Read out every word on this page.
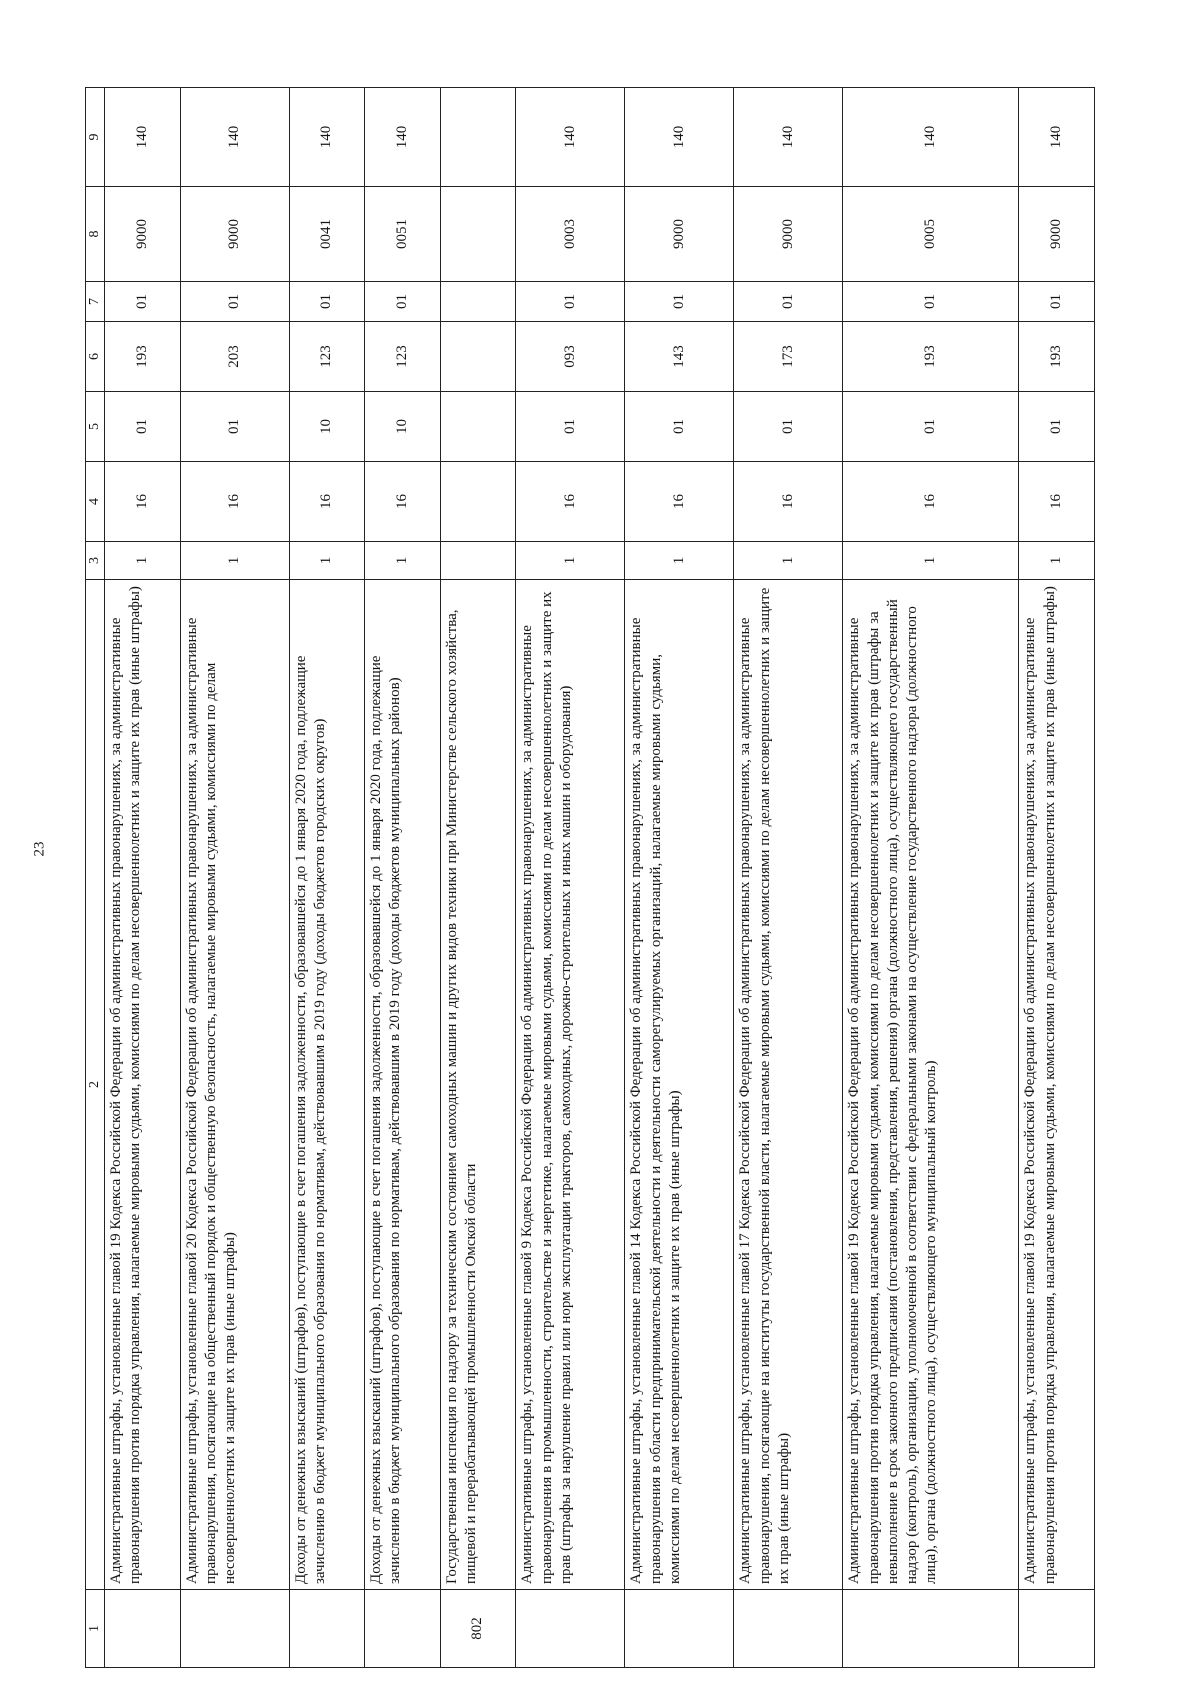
23
1	2	3	4	5	6	7	8	9
	Административные штрафы, установленные главой 19 Кодекса Российской Федерации об административных правонарушениях, за административные правонарушения против порядка управления, налагаемые мировыми судьями, комиссиями по делам несовершеннолетних и защите их прав (иные штрафы)	1	16	01	193	01	9000	140
	Административные штрафы, установленные главой 20 Кодекса Российской Федерации об административных правонарушениях, за административные правонарушения, посягающие на общественный порядок и общественную безопасность, налагаемые мировыми судьями, комиссиями по делам несовершеннолетних и защите их прав (иные штрафы)	1	16	01	203	01	9000	140
	Доходы от денежных взысканий (штрафов), поступающие в счет погашения задолженности, образовавшейся до 1 января 2020 года, подлежащие зачислению в бюджет муниципального образования по нормативам, действовавшим в 2019 году (доходы бюджетов городских округов)	1	16	10	123	01	0041	140
	Доходы от денежных взысканий (штрафов), поступающие в счет погашения задолженности, образовавшейся до 1 января 2020 года, подлежащие зачислению в бюджет муниципального образования по нормативам, действовавшим в 2019 году (доходы бюджетов муниципальных районов)	1	16	10	123	01	0051	140
802	Государственная инспекция по надзору за техническим состоянием самоходных машин и других видов техники при Министерстве сельского хозяйства, пищевой и перерабатывающей промышленности Омской области							
	Административные штрафы, установленные главой 9 Кодекса Российской Федерации об административных правонарушениях, за административные правонарушения в промышленности, строительстве и энергетике, налагаемые мировыми судьями, комиссиями по делам несовершеннолетних и защите их прав (штрафы за нарушение правил или норм эксплуатации тракторов, самоходных, дорожно-строительных и иных машин и оборудования)	1	16	01	093	01	0003	140
	Административные штрафы, установленные главой 14 Кодекса Российской Федерации об административных правонарушениях, за административные правонарушения в области предпринимательской деятельности и деятельности саморегулируемых организаций, налагаемые мировыми судьями, комиссиями по делам несовершеннолетних и защите их прав (иные штрафы)	1	16	01	143	01	9000	140
	Административные штрафы, установленные главой 17 Кодекса Российской Федерации об административных правонарушениях, за административные правонарушения, посягающие на институты государственной власти, налагаемые мировыми судьями, комиссиями по делам несовершеннолетних и защите их прав (иные штрафы)	1	16	01	173	01	9000	140
	Административные штрафы, установленные главой 19 Кодекса Российской Федерации об административных правонарушениях, за административные правонарушения против порядка управления, налагаемые мировыми судьями, комиссиями по делам несовершеннолетних и защите их прав (штрафы за невыполнение в срок законного предписания (постановления, представления, решения) органа (должностного лица), осуществляющего государственный надзор (контроль), организации, уполномоченной в соответствии с федеральными законами на осуществление государственного надзора (должностного лица), органа (должностного лица), осуществляющего муниципальный контроль)	1	16	01	193	01	0005	140
	Административные штрафы, установленные главой 19 Кодекса Российской Федерации об административных правонарушениях, за административные правонарушения против порядка управления, налагаемые мировыми судьями, комиссиями по делам несовершеннолетних и защите их прав (иные штрафы)	1	16	01	193	01	9000	140
